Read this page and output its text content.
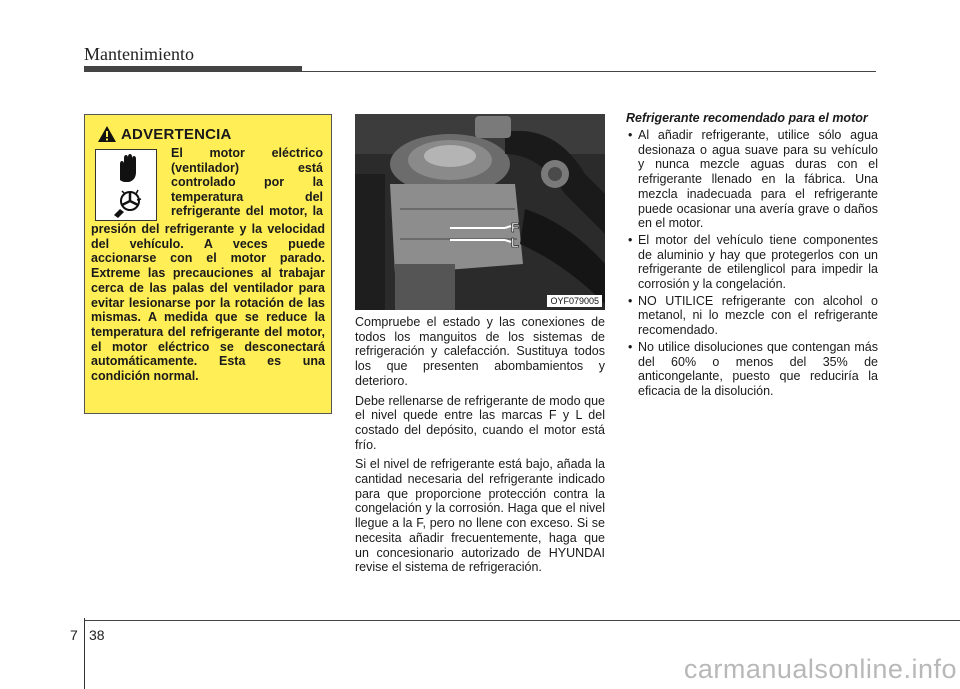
Mantenimiento
ADVERTENCIA
El motor eléctrico (ventilador) está controlado por la temperatura del refrigerante del motor, la
presión del refrigerante y la velocidad del vehículo. A veces puede accionarse con el motor parado. Extreme las precauciones al trabajar cerca de las palas del ventilador para evitar lesionarse por la rotación de las mismas. A medida que se reduce la temperatura del refrigerante del motor, el motor eléctrico se desconectará automáticamente. Esta es una condición normal.
F
L
OYF079005

Compruebe el estado y las conexiones de todos los manguitos de los sistemas de refrigeración y calefacción. Sustituya todos los que presenten abombamientos y deterioro.

Debe rellenarse de refrigerante de modo que el nivel quede entre las marcas F y L del costado del depósito, cuando el motor está frío.

Si el nivel de refrigerante está bajo, añada la cantidad necesaria del refrigerante indicado para que proporcione protección contra la congelación y la corrosión. Haga que el nivel llegue a la F, pero no llene con exceso. Si se necesita añadir frecuentemente, haga que un concesionario autorizado de HYUNDAI revise el sistema de refrigeración.

Refrigerante recomendado para el motor
• Al añadir refrigerante, utilice sólo agua desionaza o agua suave para su vehículo y nunca mezcle aguas duras con el refrigerante llenado en la fábrica. Una mezcla inadecuada para el refrigerante puede ocasionar una avería grave o daños en el motor.
• El motor del vehículo tiene componentes de aluminio y hay que protegerlos con un refrigerante de etilenglicol para impedir la corrosión y la congelación.
• NO UTILICE refrigerante con alcohol o metanol, ni lo mezcle con el refrigerante recomendado.
• No utilice disoluciones que contengan más del 60% o menos del 35% de anticongelante, puesto que reduciría la eficacia de la disolución.
7 38
carmanualsonline.info
